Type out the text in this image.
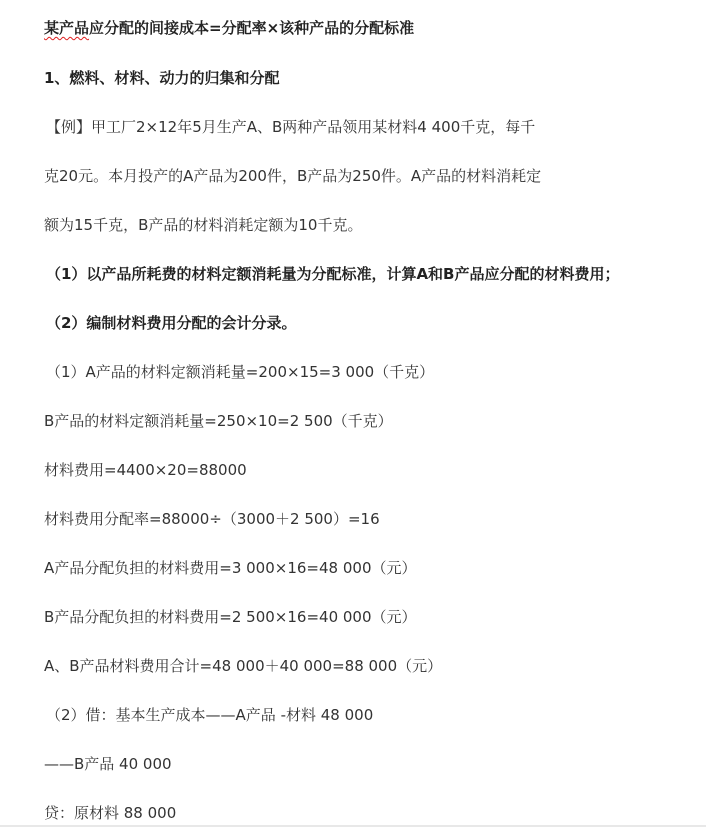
某产品应分配的间接成本=分配率×该种产品的分配标准
1、燃料、材料、动力的归集和分配
【例】甲工厂2×12年5月生产A、B两种产品领用某材料4 400千克，每千
克20元。本月投产的A产品为200件，B产品为250件。A产品的材料消耗定
额为15千克，B产品的材料消耗定额为10千克。
（1）以产品所耗费的材料定额消耗量为分配标准，计算A和B产品应分配的材料费用；
（2）编制材料费用分配的会计分录。
（1）A产品的材料定额消耗量=200×15=3 000（千克）
B产品的材料定额消耗量=250×10=2 500（千克）
材料费用=4400×20=88000
材料费用分配率=88000÷（3000＋2 500）=16
A产品分配负担的材料费用=3 000×16=48 000（元）
B产品分配负担的材料费用=2 500×16=40 000（元）
A、B产品材料费用合计=48 000＋40 000=88 000（元）
（2）借：基本生产成本——A产品 -材料 48 000
——B产品 40 000
贷：原材料 88 000
